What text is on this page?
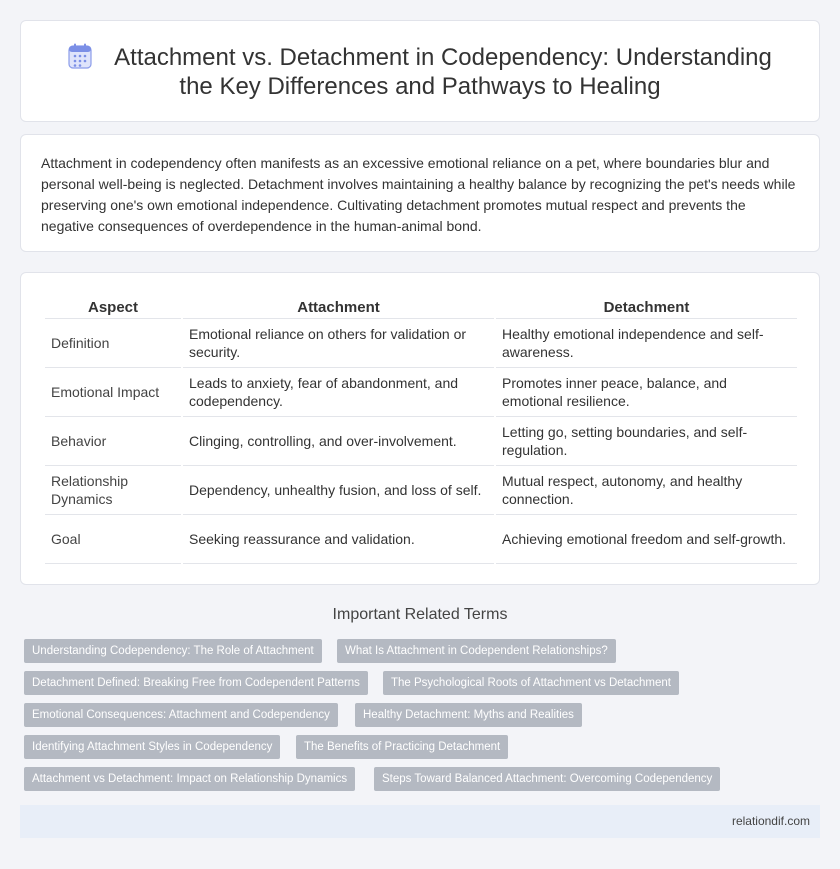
Attachment vs. Detachment in Codependency: Understanding the Key Differences and Pathways to Healing

Attachment in codependency often manifests as an excessive emotional reliance on a pet, where boundaries blur and personal well-being is neglected. Detachment involves maintaining a healthy balance by recognizing the pet's needs while preserving one's own emotional independence. Cultivating detachment promotes mutual respect and prevents the negative consequences of overdependence in the human-animal bond.

Aspect	Attachment	Detachment
Definition	Emotional reliance on others for validation or security.	Healthy emotional independence and self-awareness.
Emotional Impact	Leads to anxiety, fear of abandonment, and codependency.	Promotes inner peace, balance, and emotional resilience.
Behavior	Clinging, controlling, and over-involvement.	Letting go, setting boundaries, and self-regulation.
Relationship Dynamics	Dependency, unhealthy fusion, and loss of self.	Mutual respect, autonomy, and healthy connection.
Goal	Seeking reassurance and validation.	Achieving emotional freedom and self-growth.
Important Related Terms
Understanding Codependency: The Role of Attachment	What Is Attachment in Codependent Relationships?
Detachment Defined: Breaking Free from Codependent Patterns	The Psychological Roots of Attachment vs Detachment
Emotional Consequences: Attachment and Codependency	Healthy Detachment: Myths and Realities
Identifying Attachment Styles in Codependency	The Benefits of Practicing Detachment
Attachment vs Detachment: Impact on Relationship Dynamics	Steps Toward Balanced Attachment: Overcoming Codependency
relationdif.com
